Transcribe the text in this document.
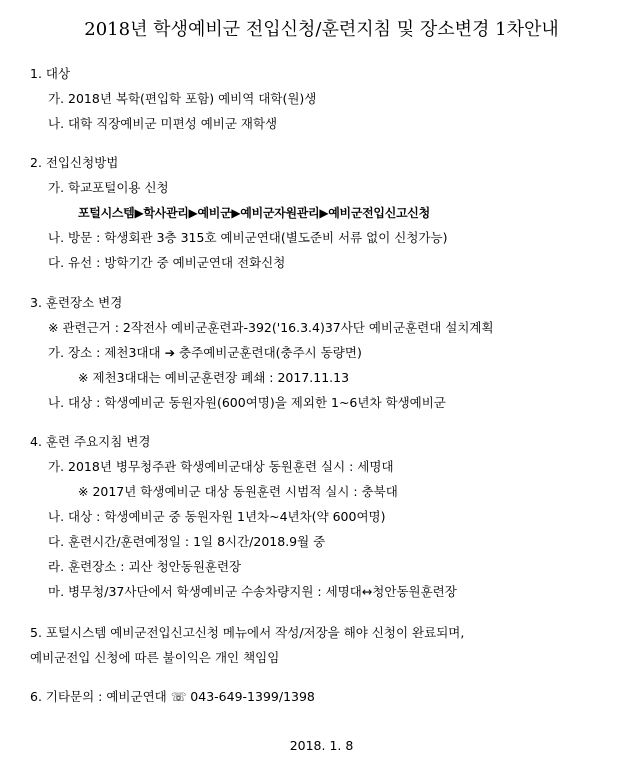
2018년 학생예비군 전입신청/훈련지침 및 장소변경 1차안내
1. 대상
가. 2018년 복학(편입학 포함) 예비역 대학(원)생
나. 대학 직장예비군 미편성 예비군 재학생
2. 전입신청방법
가. 학교포털이용 신청
포털시스템▶학사관리▶예비군▶예비군자원관리▶예비군전입신고신청
나. 방문 : 학생회관 3층 315호 예비군연대(별도준비 서류 없이 신청가능)
다. 유선 : 방학기간 중 예비군연대 전화신청
3. 훈련장소 변경
※ 관련근거 : 2작전사 예비군훈련과-392('16.3.4)37사단 예비군훈련대 설치계획
가. 장소 : 제천3대대 ➔ 충주예비군훈련대(충주시 동량면)
※ 제천3대대는 예비군훈련장 폐쇄 : 2017.11.13
나. 대상 : 학생예비군 동원자원(600여명)을 제외한 1~6년차 학생예비군
4. 훈련 주요지침 변경
가. 2018년 병무청주관 학생예비군대상 동원훈련 실시 : 세명대
※ 2017년 학생예비군 대상 동원훈련 시범적 실시 : 충북대
나. 대상 : 학생예비군 중 동원자원 1년차~4년차(약 600여명)
다. 훈련시간/훈련예정일 : 1일 8시간/2018.9월 중
라. 훈련장소 : 괴산 청안동원훈련장
마. 병무청/37사단에서 학생예비군 수송차량지원 : 세명대↔청안동원훈련장
5. 포털시스템 예비군전입신고신청 메뉴에서 작성/저장을 해야 신청이 완료되며,
예비군전입 신청에 따른 불이익은 개인 책임임
6. 기타문의 : 예비군연대 ☏ 043-649-1399/1398
2018. 1. 8
